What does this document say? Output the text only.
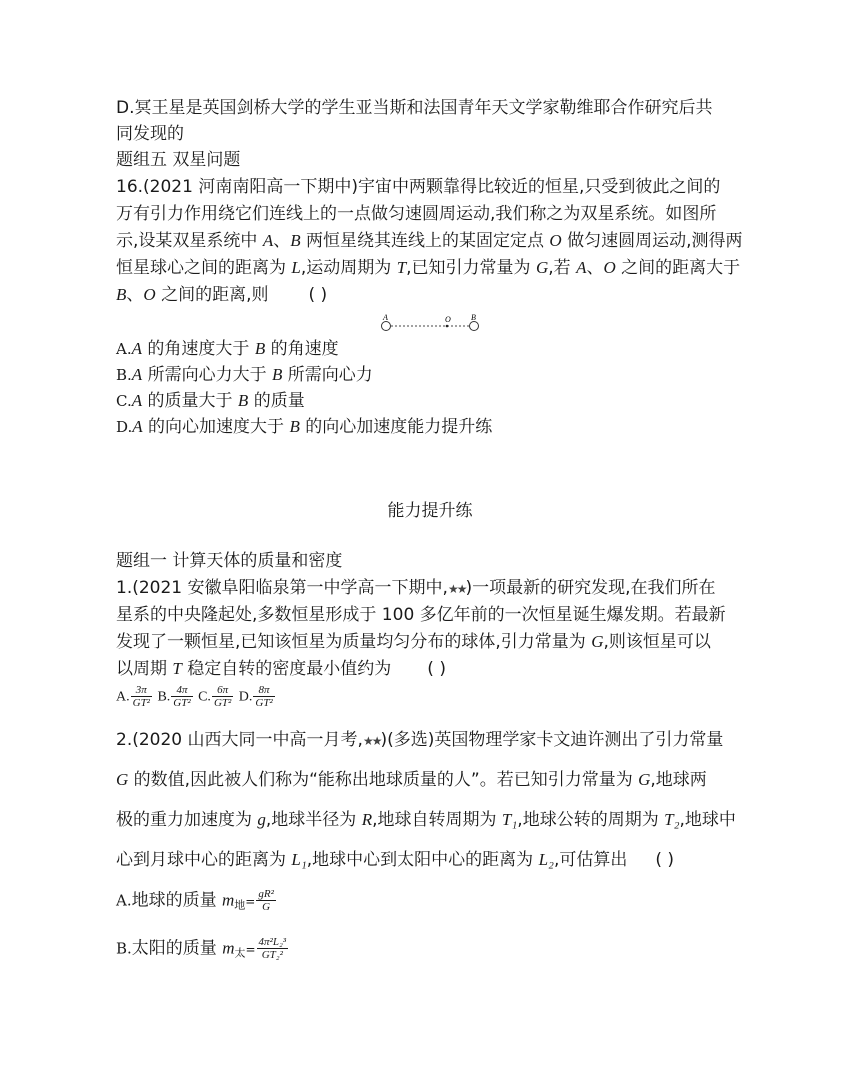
D.冥王星是英国剑桥大学的学生亚当斯和法国青年天文学家勒维耶合作研究后共
同发现的
题组五 双星问题
16.(2021 河南南阳高一下期中)宇宙中两颗靠得比较近的恒星,只受到彼此之间的
万有引力作用绕它们连线上的一点做匀速圆周运动,我们称之为双星系统。如图所
示,设某双星系统中 A、B 两恒星绕其连线上的某固定定点 O 做匀速圆周运动,测得两
恒星球心之间的距离为 L,运动周期为 T,已知引力常量为 G,若 A、O 之间的距离大于
B、O 之间的距离,则 ( )
A	O	B
A.A 的角速度大于 B 的角速度
B.A 所需向心力大于 B 所需向心力
C.A 的质量大于 B 的质量
D.A 的向心加速度大于 B 的向心加速度能力提升练
能力提升练
题组一 计算天体的质量和密度
1.(2021 安徽阜阳临泉第一中学高一下期中,★★)一项最新的研究发现,在我们所在
星系的中央隆起处,多数恒星形成于 100 多亿年前的一次恒星诞生爆发期。若最新
发现了一颗恒星,已知该恒星为质量均匀分布的球体,引力常量为 G,则该恒星可以
以周期 T 稳定自转的密度最小值约为 ( )
A. $\frac{3\pi}{\text{GT²}} B$. $\frac{4\pi}{\text{GT²}} C$. $\frac{6\pi}{\text{GT²}} D$. $\frac{8\pi}{\text{GT²}}$
2.(2020 山西大同一中高一月考,★★)(多选)英国物理学家卡文迪许测出了引力常量
G 的数值,因此被人们称为“能称出地球质量的人”。若已知引力常量为 G,地球两
极的重力加速度为 g,地球半径为 R,地球自转周期为 T₁,地球公转的周期为 T₂,地球中
心到月球中心的距离为 L₁,地球中心到太阳中心的距离为 L₂,可估算出 ( )
A.地球的质量 m地= $\frac{\text{gR²}}{G}$
B.太阳的质量 m太= $\frac{\text{4π²L₂³}}{\text{GT₂²}}$
